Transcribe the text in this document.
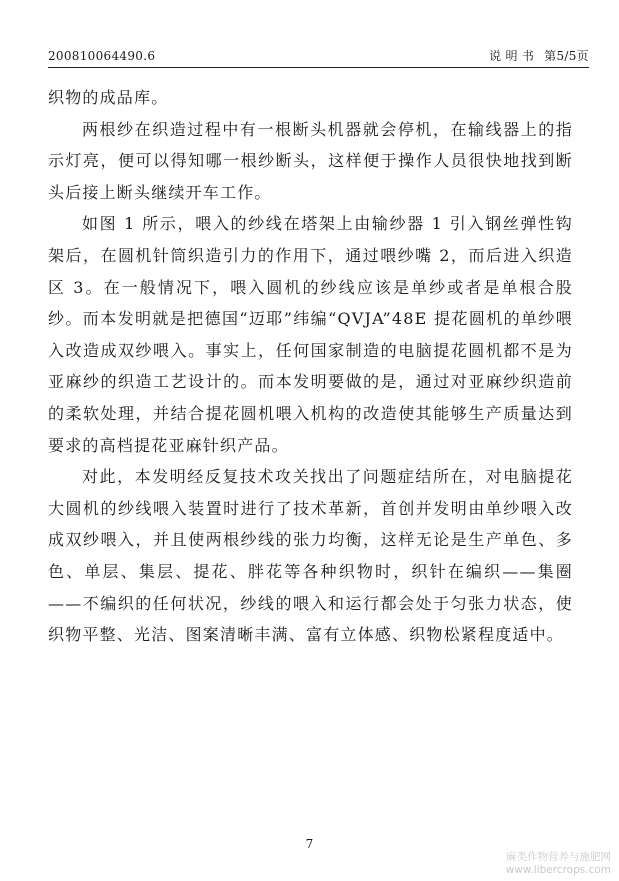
200810064490.6	说 明 书 第5/5页

织物的成品库。

两根纱在织造过程中有一根断头机器就会停机，在输线器上的指示灯亮，便可以得知哪一根纱断头，这样便于操作人员很快地找到断头后接上断头继续开车工作。

如图 1 所示，喂入的纱线在塔架上由输纱器 1 引入钢丝弹性钩架后，在圆机针筒织造引力的作用下，通过喂纱嘴 2，而后进入织造区 3。在一般情况下，喂入圆机的纱线应该是单纱或者是单根合股纱。而本发明就是把德国“迈耶”纬编“QVJA”48E 提花圆机的单纱喂入改造成双纱喂入。事实上，任何国家制造的电脑提花圆机都不是为亚麻纱的织造工艺设计的。而本发明要做的是，通过对亚麻纱织造前的柔软处理，并结合提花圆机喂入机构的改造使其能够生产质量达到要求的高档提花亚麻针织产品。

对此，本发明经反复技术攻关找出了问题症结所在，对电脑提花大圆机的纱线喂入装置时进行了技术革新，首创并发明由单纱喂入改成双纱喂入，并且使两根纱线的张力均衡，这样无论是生产单色、多色、单层、集层、提花、胖花等各种织物时，织针在编织——集圈——不编织的任何状况，纱线的喂入和运行都会处于匀张力状态，使织物平整、光洁、图案清晰丰满、富有立体感、织物松紧程度适中。

7
麻类作物营养与施肥网
www.libercrops.com
